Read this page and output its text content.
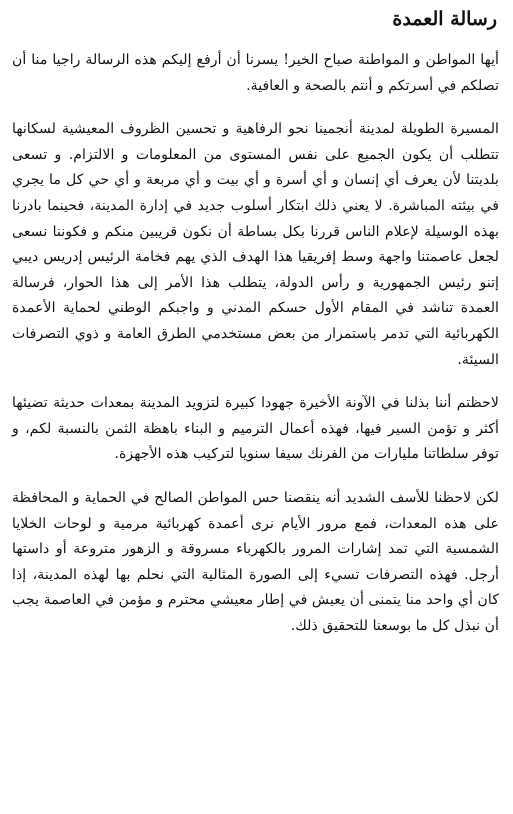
رسالة العمدة

أيها المواطن و المواطنة صباح الخير! يسرنا أن أرفع إليكم هذه الرسالة راجيا منا أن تصلكم في أسرتكم و أنتم بالصحة و العافية.

المسيرة الطويلة لمدينة أنجمينا نحو الرفاهية و تحسين الظروف المعيشية لسكانها تتطلب أن يكون الجميع على نفس المستوى من المعلومات و الالتزام. و تسعى بلديتنا لأن يعرف أي إنسان و أي أسرة و أي بيت و أي مربعة و أي حي كل ما يجري في بيئته المباشرة. لا يعني ذلك ابتكار أسلوب جديد في إدارة المدينة، فحينما بادرنا بهذه الوسيلة لإعلام الناس قررنا بكل بساطة أن نكون قريبين منكم و فكوننا نسعى لجعل عاصمتنا واجهة وسط إفريقيا هذا الهدف الذي يهم فخامة الرئيس إدريس ديبي إتنو رئيس الجمهورية و رأس الدولة، يتطلب هذا الأمر إلى هذا الحوار، فرسالة العمدة تناشد في المقام الأول حسكم المدني و واجبكم الوطني لحماية الأعمدة الكهربائية التي تدمر باستمرار من بعض مستخدمي الطرق العامة و ذوي التصرفات السيئة.

لاحظتم أننا بذلنا في الآونة الأخيرة جهودا كبيرة لتزويد المدينة بمعدات حديثة تضيئها أكثر و تؤمن السير فيها، فهذه أعمال الترميم و البناء باهظة الثمن بالنسبة لكم، و توفر سلطاتنا مليارات من الفرنك سيفا سنويا لتركيب هذه الأجهزة.

لكن لاحظنا للأسف الشديد أنه ينقصنا حس المواطن الصالح في الحماية و المحافظة على هذه المعدات، فمع مرور الأيام نرى أعمدة كهربائية مرمية و لوحات الخلايا الشمسية التي تمد إشارات المرور بالكهرباء مسروقة و الزهور متروعة أو داستها أرجل. فهذه التصرفات تسيء إلى الصورة المثالية التي نحلم بها لهذه المدينة، إذا كان أي واحد منا يتمنى أن يعيش في إطار معيشي محترم و مؤمن في العاصمة يجب أن نبذل كل ما بوسعنا للتحقيق ذلك.
